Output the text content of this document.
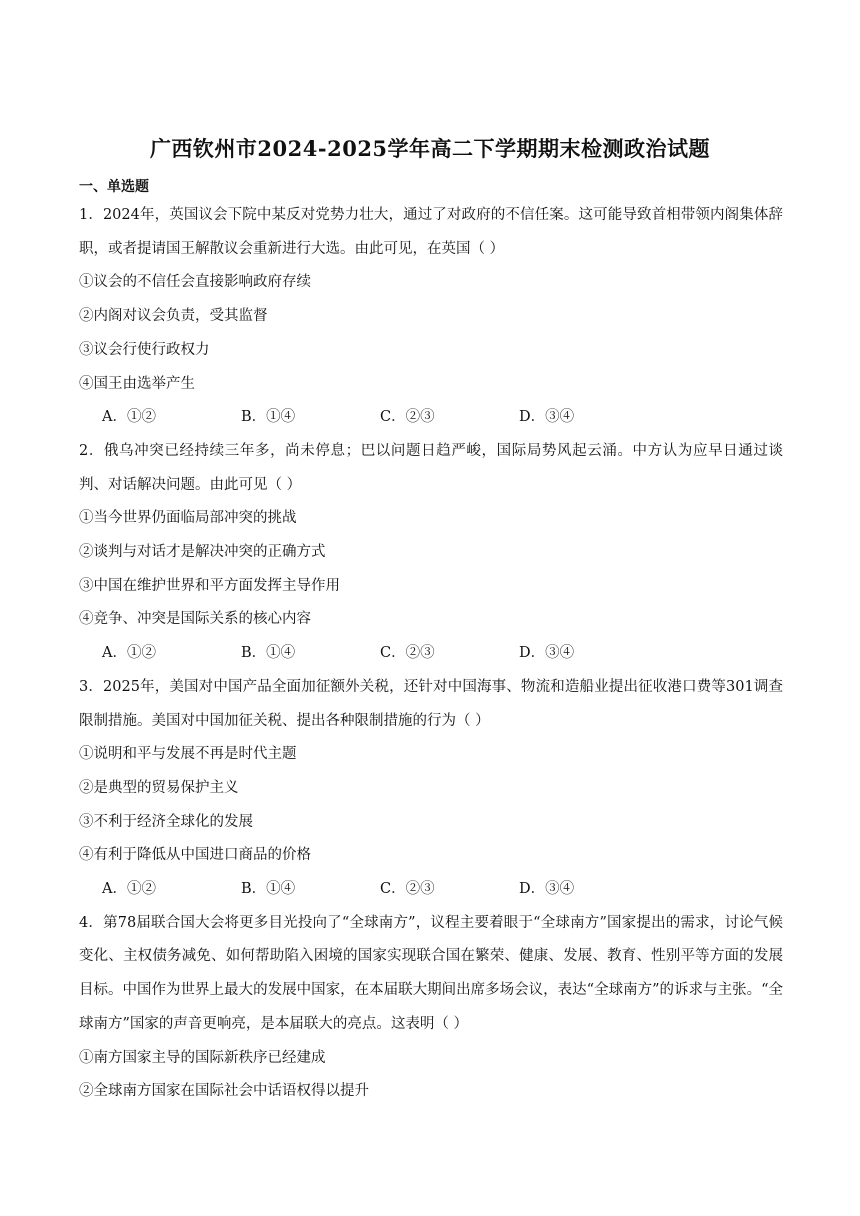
广西钦州市2024-2025学年高二下学期期末检测政治试题
一、单选题

1．2024年，英国议会下院中某反对党势力壮大，通过了对政府的不信任案。这可能导致首相带领内阁集体辞职，或者提请国王解散议会重新进行大选。由此可见，在英国（ ）

①议会的不信任会直接影响政府存续

②内阁对议会负责，受其监督

③议会行使行政权力

④国王由选举产生

A．①②	B．①④	C．②③	D．③④

2．俄乌冲突已经持续三年多，尚未停息；巴以问题日趋严峻，国际局势风起云涌。中方认为应早日通过谈判、对话解决问题。由此可见（ ）

①当今世界仍面临局部冲突的挑战

②谈判与对话才是解决冲突的正确方式

③中国在维护世界和平方面发挥主导作用

④竞争、冲突是国际关系的核心内容

A．①②	B．①④	C．②③	D．③④

3．2025年，美国对中国产品全面加征额外关税，还针对中国海事、物流和造船业提出征收港口费等301调查限制措施。美国对中国加征关税、提出各种限制措施的行为（ ）

①说明和平与发展不再是时代主题

②是典型的贸易保护主义

③不利于经济全球化的发展

④有利于降低从中国进口商品的价格

A．①②	B．①④	C．②③	D．③④

4．第78届联合国大会将更多目光投向了“全球南方”，议程主要着眼于“全球南方”国家提出的需求，讨论气候变化、主权债务减免、如何帮助陷入困境的国家实现联合国在繁荣、健康、发展、教育、性别平等方面的发展目标。中国作为世界上最大的发展中国家，在本届联大期间出席多场会议，表达“全球南方”的诉求与主张。“全球南方”国家的声音更响亮，是本届联大的亮点。这表明（ ）

①南方国家主导的国际新秩序已经建成

②全球南方国家在国际社会中话语权得以提升
